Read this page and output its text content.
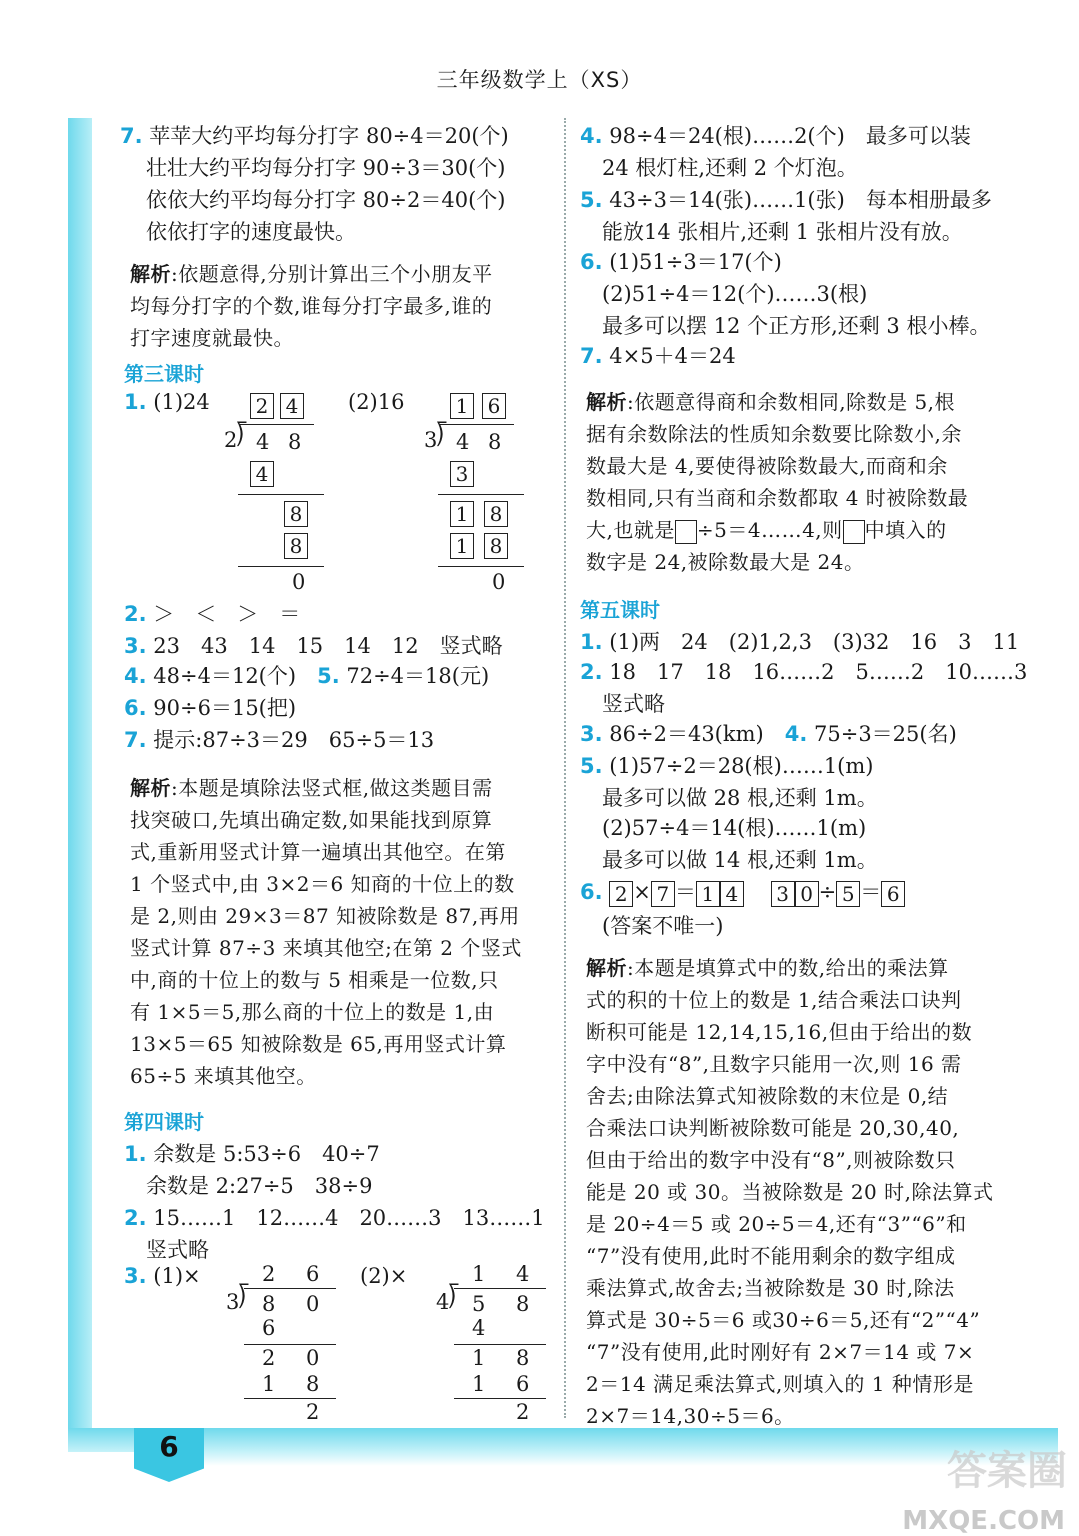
三年级数学上（XS）
6
7. 苹苹大约平均每分打字 80÷4＝20(个)
壮壮大约平均每分打字 90÷3＝30(个)
依依大约平均每分打字 80÷2＝40(个)
依依打字的速度最快。
解析:依题意得,分别计算出三个小朋友平
均每分打字的个数,谁每分打字最多,谁的
打字速度就最快。
第三课时
1. (1)24	(2)16
2 4
2
⟌ 4 8
4
8
8
0
1 6
3
⟌ 4 8
3
1 8
1 8
0
2. ＞　＜　＞　＝
3. 23　43　14　15　14　12　竖式略
4. 48÷4＝12(个)　 5. 72÷4＝18(元)
6. 90÷6＝15(把)
7. 提示:87÷3＝29　65÷5＝13
解析:本题是填除法竖式框,做这类题目需
找突破口,先填出确定数,如果能找到原算
式,重新用竖式计算一遍填出其他空。在第
1 个竖式中,由 3×2＝6 知商的十位上的数
是 2,则由 29×3＝87 知被除数是 87,再用
竖式计算 87÷3 来填其他空;在第 2 个竖式
中,商的十位上的数与 5 相乘是一位数,只
有 1×5＝5,那么商的十位上的数是 1,由
13×5＝65 知被除数是 65,再用竖式计算
65÷5 来填其他空。
第四课时
1. 余数是 5:53÷6　40÷7
余数是 2:27÷5　38÷9
2. 15……1　12……4　20……3　13……1
竖式略
3. (1)×	(2)×
2 6
3
⟌ 8 0
6
2 0
1 8
2
1 4
4
⟌ 5 8
4
1 8
1 6
2
4. 98÷4＝24(根)……2(个)　最多可以装
24 根灯柱,还剩 2 个灯泡。
5. 43÷3＝14(张)……1(张)　每本相册最多
能放14 张相片,还剩 1 张相片没有放。
6. (1)51÷3＝17(个)
(2)51÷4＝12(个)……3(根)
最多可以摆 12 个正方形,还剩 3 根小棒。
7. 4×5＋4＝24
解析:依题意得商和余数相同,除数是 5,根
据有余数除法的性质知余数要比除数小,余
数最大是 4,要使得被除数最大,而商和余
数相同,只有当商和余数都取 4 时被除数最
大,也就是 ÷5＝4……4,则 中填入的
数字是 24,被除数最大是 24。
第五课时
1. (1)两　24　(2)1,2,3　(3)32　16　3　11
2. 18　17　18　16……2　5……2　10……3
竖式略
3. 86÷2＝43(km)　 4. 75÷3＝25(名)
5. (1)57÷2＝28(根)……1(m)
最多可以做 28 根,还剩 1m。
(2)57÷4＝14(根)……1(m)
最多可以做 14 根,还剩 1m。
6. 2 × 7 ＝ 1 4 3 0 ÷ 5 ＝ 6
(答案不唯一)
解析:本题是填算式中的数,给出的乘法算
式的积的十位上的数是 1,结合乘法口诀判
断积可能是 12,14,15,16,但由于给出的数
字中没有“8”,且数字只能用一次,则 16 需
舍去;由除法算式知被除数的末位是 0,结
合乘法口诀判断被除数可能是 20,30,40,
但由于给出的数字中没有“8”,则被除数只
能是 20 或 30。当被除数是 20 时,除法算式
是 20÷4＝5 或 20÷5＝4,还有“3”“6”和
“7”没有使用,此时不能用剩余的数字组成
乘法算式,故舍去;当被除数是 30 时,除法
算式是 30÷5＝6 或30÷6＝5,还有“2”“4”
“7”没有使用,此时刚好有 2×7＝14 或 7×
2＝14 满足乘法算式,则填入的 1 种情形是
2×7＝14,30÷5＝6。
答案圈
MXQE.COM
